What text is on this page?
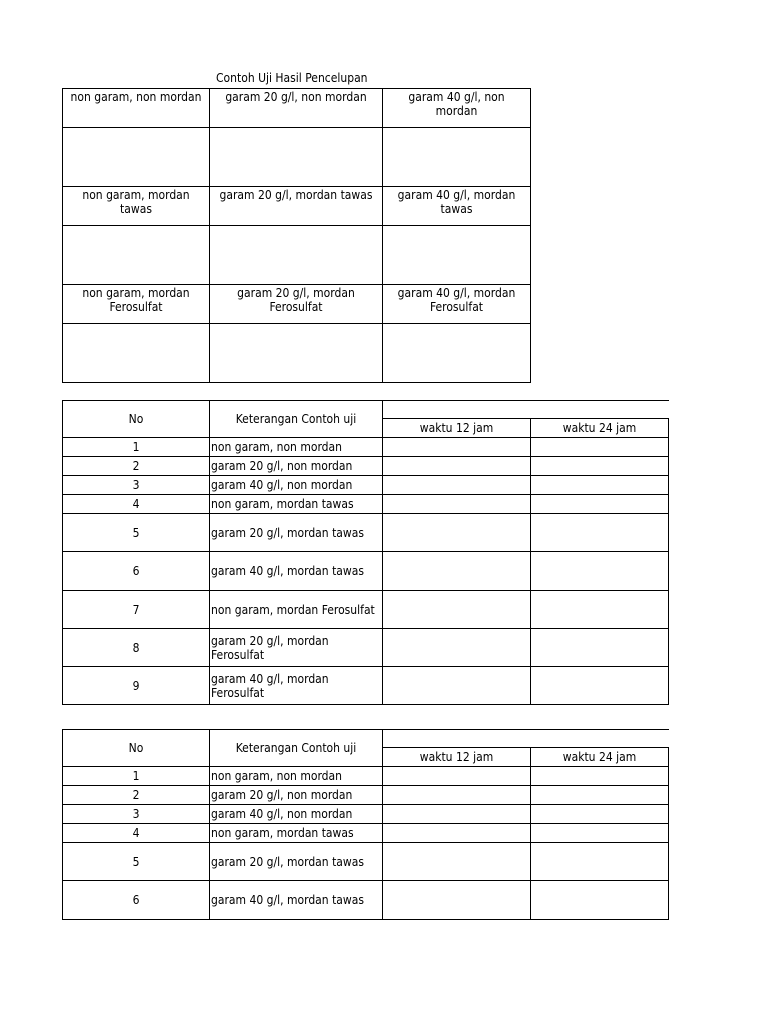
Contoh Uji Hasil Pencelupan
non garam, non mordan	garam 20 g/l, non mordan	garam 40 g/l, non mordan

non garam, mordan tawas	garam 20 g/l, mordan tawas	garam 40 g/l, mordan tawas

non garam, mordan Ferosulfat	garam 20 g/l, mordan Ferosulfat	garam 40 g/l, mordan Ferosulfat

No	Keterangan Contoh uji		
		waktu 12 jam	waktu 24 jam
1	non garam, non mordan		
2	garam 20 g/l, non mordan		
3	garam 40 g/l, non mordan		
4	non garam, mordan tawas		
5	garam 20 g/l, mordan tawas		
6	garam 40 g/l, mordan tawas		
7	non garam, mordan Ferosulfat		
8	garam 20 g/l, mordan Ferosulfat		
9	garam 40 g/l, mordan Ferosulfat		
No	Keterangan Contoh uji		
		waktu 12 jam	waktu 24 jam
1	non garam, non mordan		
2	garam 20 g/l, non mordan		
3	garam 40 g/l, non mordan		
4	non garam, mordan tawas		
5	garam 20 g/l, mordan tawas		
6	garam 40 g/l, mordan tawas		
